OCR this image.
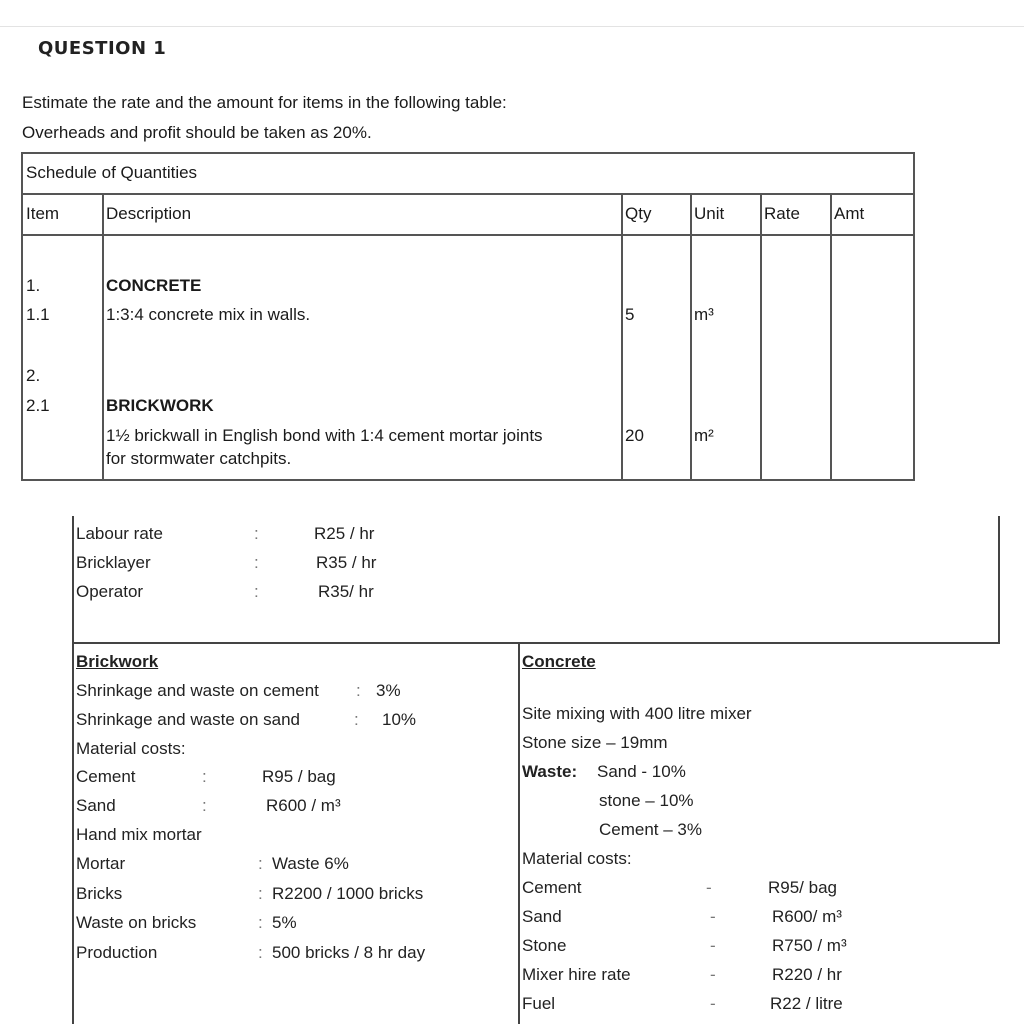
QUESTION 1
Estimate the rate and the amount for items in the following table:
Overheads and profit should be taken as 20%.
Schedule of Quantities
Item	Description	Qty	Unit Rate Amt
1.	CONCRETE
1.1	1:3:4 concrete mix in walls.	5	m³
2.
2.1	BRICKWORK
1½ brickwall in English bond with 1:4 cement mortar joints
for stormwater catchpits.
20	m²
Labour rate	:	R25 / hr
Bricklayer	:	R35 / hr
Operator	:	R35/ hr
Brickwork
Shrinkage and waste on cement : 3%
Shrinkage and waste on sand	: 10%
Material costs:
Cement	:	R95 / bag
Sand	:	R600 / m³
Hand mix mortar
Mortar	: Waste 6%
Bricks	: R2200 / 1000 bricks
Waste on bricks	: 5%
Production	: 500 bricks / 8 hr day
Concrete
Site mixing with 400 litre mixer
Stone size – 19mm
Waste: Sand - 10%
stone – 10%
Cement – 3%
Material costs:
Cement	-	R95/ bag
Sand	-	R600/ m³
Stone	-	R750 / m³
Mixer hire rate	-	R220 / hr
Fuel	-	R22 / litre
